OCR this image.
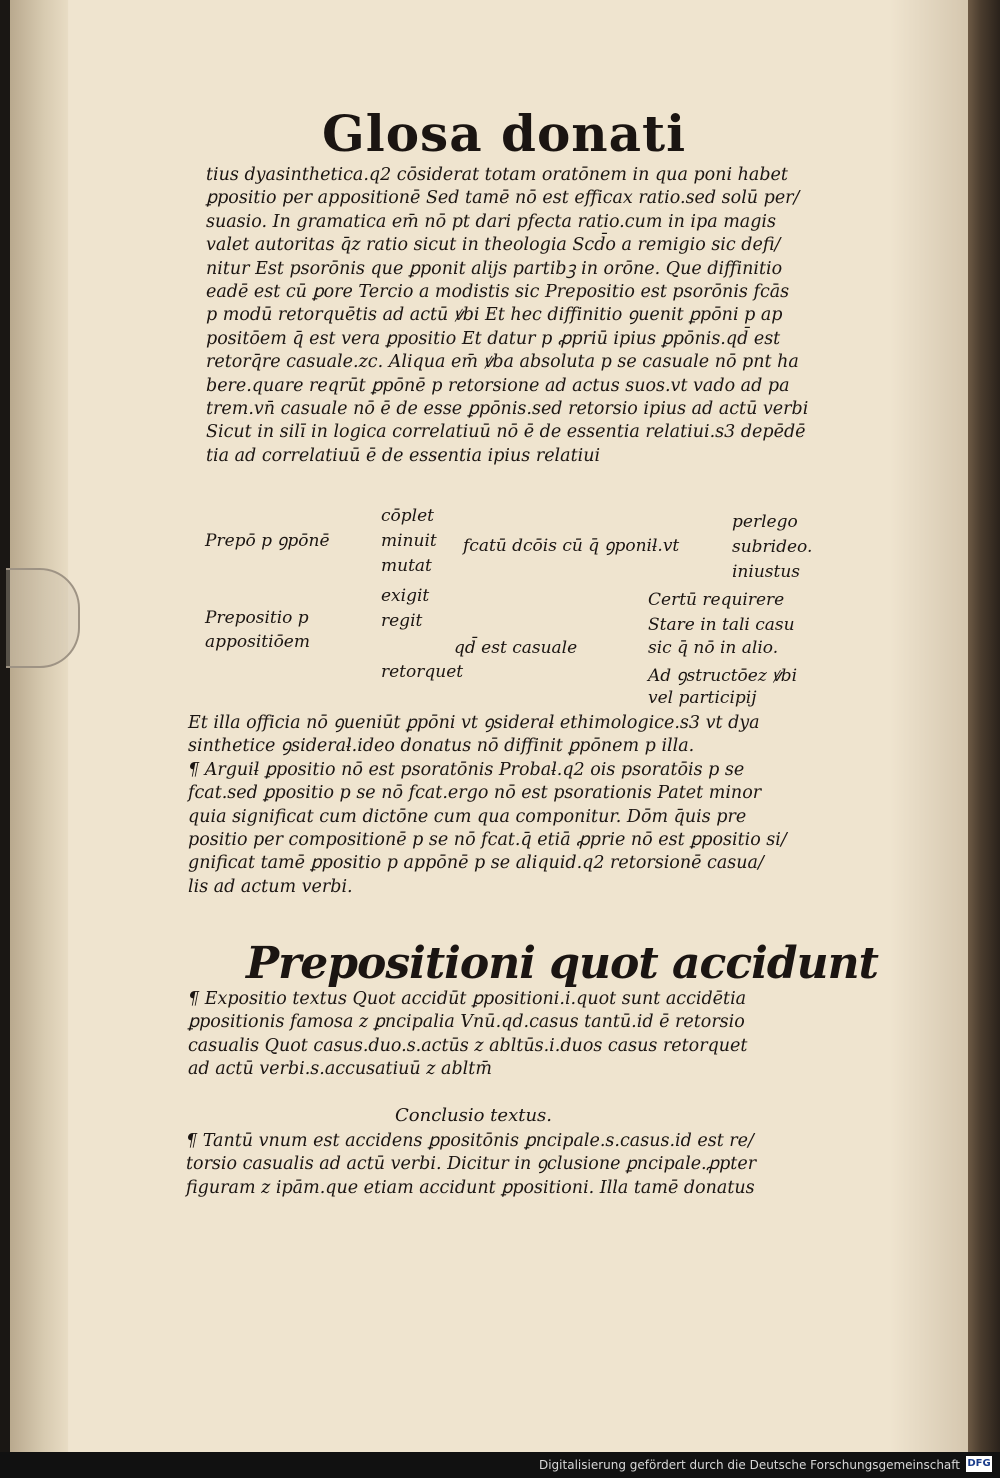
Glosa donati
tius dyasinthetica.q2 cōsiderat totam oratōnem in qua poni habet
ꝑpositio per appositionē Sed tamē nō est efficax ratio.sed solū per/
suasio. In gramatica em̄ nō pt dari pfecta ratio.cum in ipa magis
valet autoritas q̄z ratio sicut in theologia Scd̄o a remigio sic defi/
nitur Est psorōnis que ꝑponit alijs partibꝫ in orōne. Que diffinitio
eadē est cū ꝑore Tercio a modistis sic Prepositio est psorōnis fcās
p modū retorquētis ad actū ꝟbi Et hec diffinitio ꝯuenit ꝑpōni p ap
positōem q̄ est vera ꝑpositio Et datur p ꝓpriū ipius ꝑpōnis.qd̄ est
retorq̄re casuale.zc. Aliqua em̄ ꝟba absoluta p se casuale nō pnt ha
bere.quare reqrūt ꝑpōnē p retorsione ad actus suos.vt vado ad pa
trem.vn̄ casuale nō ē de esse ꝑpōnis.sed retorsio ipius ad actū verbi
Sicut in silī in logica correlatiuū nō ē de essentia relatiui.s3 depēdē
tia ad correlatiuū ē de essentia ipius relatiui
Prepō p ꝯpōnē
Prepositio p
appositiōem
cōplet
minuit
mutat
exigit
regit
retorquet
fcatū dcōis cū q̄ ꝯponiƚ.vt
qd̄ est casuale
perlego
subrideo.
iniustus
Certū requirere
Stare in tali casu
sic q̄ nō in alio.
Ad ꝯstructōez ꝟbi
vel participij
Et illa officia nō ꝯueniūt ꝑpōni vt ꝯsideraƚ ethimologice.s3 vt dya
sinthetice ꝯsideraƚ.ideo donatus nō diffinit ꝑpōnem p illa.
¶ Arguiƚ ꝑpositio nō est psoratōnis Probaƚ.q2 ois psoratōis p se
fcat.sed ꝑpositio p se nō fcat.ergo nō est psorationis Patet minor
quia significat cum dictōne cum qua componitur. Dōm q̄uis pre
positio per compositionē p se nō fcat.q̄ etiā ꝓprie nō est ꝑpositio si/
gnificat tamē ꝑpositio p appōnē p se aliquid.q2 retorsionē casua/
lis ad actum verbi.
Prepositioni quot accidunt
¶ Expositio textus Quot accidūt ꝑpositioni.i.quot sunt accidētia
ꝑpositionis famosa z ꝑncipalia Vnū.qd.casus tantū.id ē retorsio
casualis Quot casus.duo.s.actūs z abltūs.i.duos casus retorquet
ad actū verbi.s.accusatiuū z abltm̄
Conclusio textus.
¶ Tantū vnum est accidens ꝑpositōnis ꝑncipale.s.casus.id est re/
torsio casualis ad actū verbi. Dicitur in ꝯclusione ꝑncipale.ꝓpter
figuram z ipām.que etiam accidunt ꝑpositioni. Illa tamē donatus
Digitalisierung gefördert durch die Deutsche Forschungsgemeinschaft DFG
